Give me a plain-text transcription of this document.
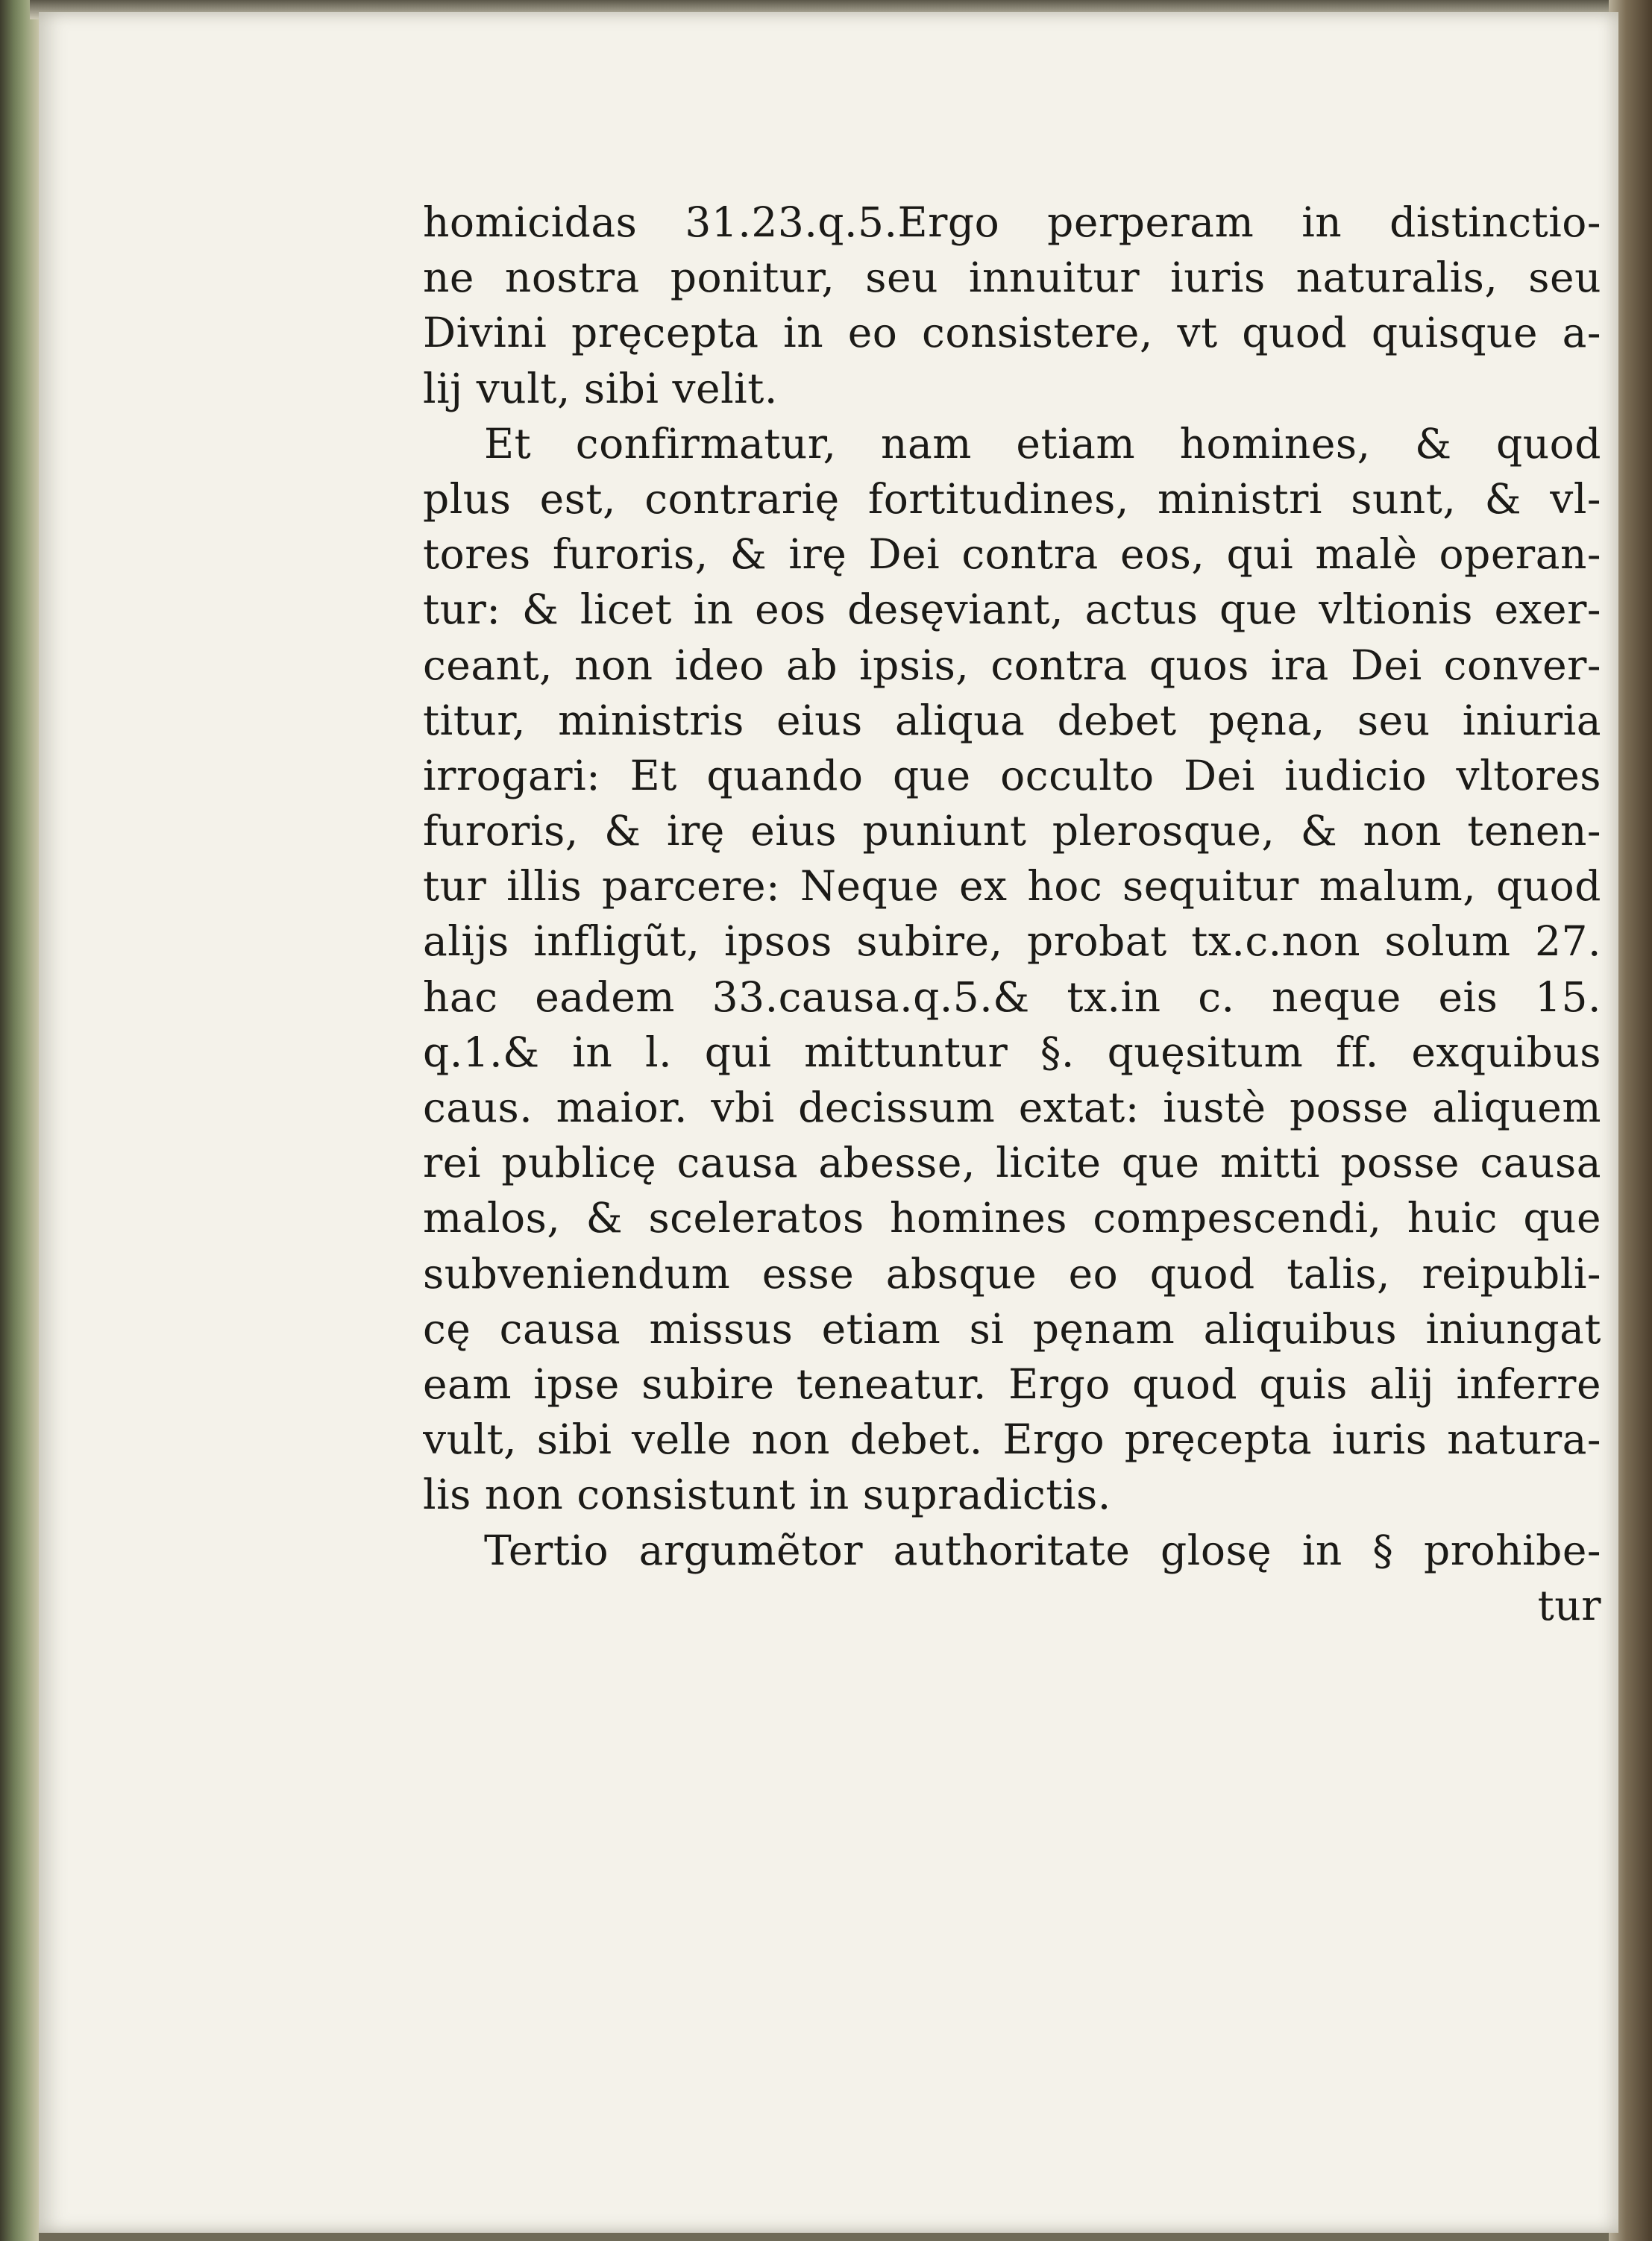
homicidas 31.23.q.5.Ergo perperam in distinctio-
ne nostra ponitur, seu innuitur iuris naturalis, seu
Divini pręcepta in eo consistere, vt quod quisque a-
lij vult, sibi velit.
Et confirmatur, nam etiam homines, & quod
plus est, contrarię fortitudines, ministri sunt, & vl-
tores furoris, & irę Dei contra eos, qui malè operan-
tur: & licet in eos desęviant, actus que vltionis exer-
ceant, non ideo ab ipsis, contra quos ira Dei conver-
titur, ministris eius aliqua debet pęna, seu iniuria
irrogari: Et quando que occulto Dei iudicio vltores
furoris, & irę eius puniunt plerosque, & non tenen-
tur illis parcere: Neque ex hoc sequitur malum, quod
alijs infligũt, ipsos subire, probat tx.c.non solum 27.
hac eadem 33.causa.q.5.& tx.in c. neque eis 15.
q.1.& in l. qui mittuntur §. quęsitum ff. exquibus
caus. maior. vbi decissum extat: iustè posse aliquem
rei publicę causa abesse, licite que mitti posse causa
malos, & sceleratos homines compescendi, huic que
subveniendum esse absque eo quod talis, reipubli-
cę causa missus etiam si pęnam aliquibus iniungat
eam ipse subire teneatur. Ergo quod quis alij inferre
vult, sibi velle non debet. Ergo pręcepta iuris natura-
lis non consistunt in supradictis.
Tertio argumẽtor authoritate glosę in § prohibe-
tur
